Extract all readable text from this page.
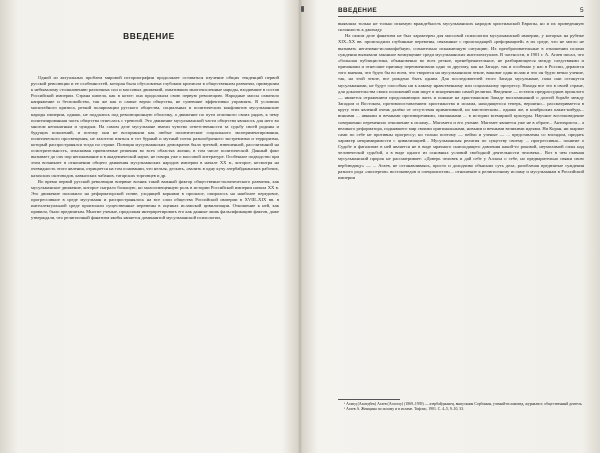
ВВЕДЕНИЕ

Одной из актуальных проблем мировой историографии продолжает оставаться изучение общих тенденций первой русской революции и ее особенностей, которая была обусловлена глубоким кризисом в общественном развитии, приведшим к небывалому столкновению различных сил и массовых движений, охвативших многочисленные народы, входившие в состав Российской империи. Страна кипела, как в котле: она продолжала свою первую революцию. Народные массы охватило напряжение и беспокойство, так же как и самые верхи общества, не сумевшие эффективно управлять. В условиях масштабного кризиса, резкой поляризации русского общества, социальных и политических конфликтов мусульманские народы империи, однако, не поддались под революционную оболочку, а движение по пути отличного своих рядов, к чему политизированная часть общества отнеслась с тревогой. Это движение мусульманской части общества являлось для него во многом непонятным и чуждым. На самом деле мусульмане имели чувство ответственности за судьбу своей родины и будущих поколений, и потому они не восприняли как любые политические социального экспериментирования, политического просвещения, не захотели взяться в тот бурный и мутный поток разнообразного экстремизма и терроризма, который распространялся тогда по стране. Позиция мусульманских демократов была трезвой, взвешенной, рассчитанной на осмотрительность, изыскивая приемлемые решения во всех областях жизни, в том числе политической. Данный факт вызывает до сих пор непонимание и в академической науке, не говоря уже о массовой литературе. Особенное подводство при этом возникает в отношении общего движения мусульманских народов империи в начале XX в., которое, несмотря на очевидность этого явления, отрицается на том основании, что нельзя, дескать, «валить в одну кучу азербайджанских рабочих, казахских скотоводов, кавказских чабанов, татарских торговцев и др.

Во время первой русской революции впервые возник такой важный фактор общественно-политического развития, как мусульманское движение, которое сыграло большую, но малоосвещенную роль в истории Российской империи начала XX в. Это движение положило на реформаторской почве, уходящей корнями в прошлое, опиралось на наиболее передовое, прогрессивное в среде мусульман и распространялось на все слои общества Российской империи в XVIII–XIX вв. в интеллектуальной среде произошли существенные перемены в оценках исламской цивилизации. Отношение к ней, как правило, было предвзятым. Многие ученые, продолжая интерпретировать его как данные лишь фальсификацию фактов, даже утверждали, что религиозный фанатизм якобы является доминантой мусульманской психологии,

ВВЕДЕНИЕ	5

выявляла только не только искомую враждебность мусульманских народов христианской Европы, но и их проведенную склонность к джихаду.

На самом деле фанатизм не был характерен для массовой психологии мусульманской империи, у которых на рубеже XIX–XX вв. происходили глубинные перемены, связанные с происходящей «реформацией» в их среде, что не могло не вызывать негативно-исламофобную, сознательно искажающую ситуацию. Их преобразовательные в отношении ислама суждения вызывали законное возмущение среди мусульманских интеллектуалов. В частности, в 1901 г. А. Агаев писал, что «большая публицистика, обыкновенно во всех резкое, пренебрежительное, не разбирающееся между следствиями и причинами и отнесшие причину переименовали одно за другому, как на Западе, так и особенно у нас в России, держится того мнения, что будто бы во всем, что творится на мусульманском земле, виноват один ислам и что он будто вечно учение, так, на этой земле, все рождено быть одним. Для последователей этого Запада мусульмане, пока они останутся мусульманами, не будут способны ни к какому нравственному или социальному прогрессу. Находя все это в своей стране, для доказательства своих положений они ищут в искоренении самой религии. Введение — остаток предрассудков прошлого — является отражением продолжающих жить и поныне на христианском Западе воспоминаний о долгой борьбе между Западом и Востоком, противопоставлением христианства и ислама, находящегося теперь, вероятно... рассматривается в кругу этих явлений очень далёко от отсутствия примитивной, но мистическим... однако же, в ноябрьских каких-нибудь... всякими ... явными и вечными противоречиями, связанными ... в истории всемирной культуры. Научное востоковедение совершенно переменило отношение к исламу... Магомета и его учение. Магомет является уже не в образе... Антихриста... а великого реформатора, поднявшего мир своими оригинальными, новыми и вечными великими идеями. Ни Коран, ни шариат сами по себе не противны прогрессу; но только поэтому — пейхи и ученые — ... представлены со взглядом, придать характер непримиримости с цивилизацией... Мусульманская религия по существу своему ... прогрессивна... понятие о Судьбе и фатализме в ней является не в виде мрачного снисходящего давления какой-то роковой, неумолимой силы над человеческой судьбой, а в виде одного из основных условий свободной деятельности человека... Вот в чем главная мусульманский пророк не рассматривает: «Доверь человек и дай себе у Аллаха о себе, но предварительно свяжи свою верблюдицу» — ... Агаев, не останавливаясь, просто и доходчиво объяснил суть дела, разоблачая предвзятые суждения разного рода «экспертов» востоковедов и специалистов»... отношение к религиозному исламу и мусульманам в Российской империи

¹ Ахмед (Ахмедбек) Агаев (Агаоглу) (1869–1939) — азербайджанец, выпускник Сорбонны, ученый-исламовед, журналист, общественный деятель.

² Агаев А. Женщина по исламу и в исламе. Тифлис, 1901. С. 4–5, 9–10, 33.
